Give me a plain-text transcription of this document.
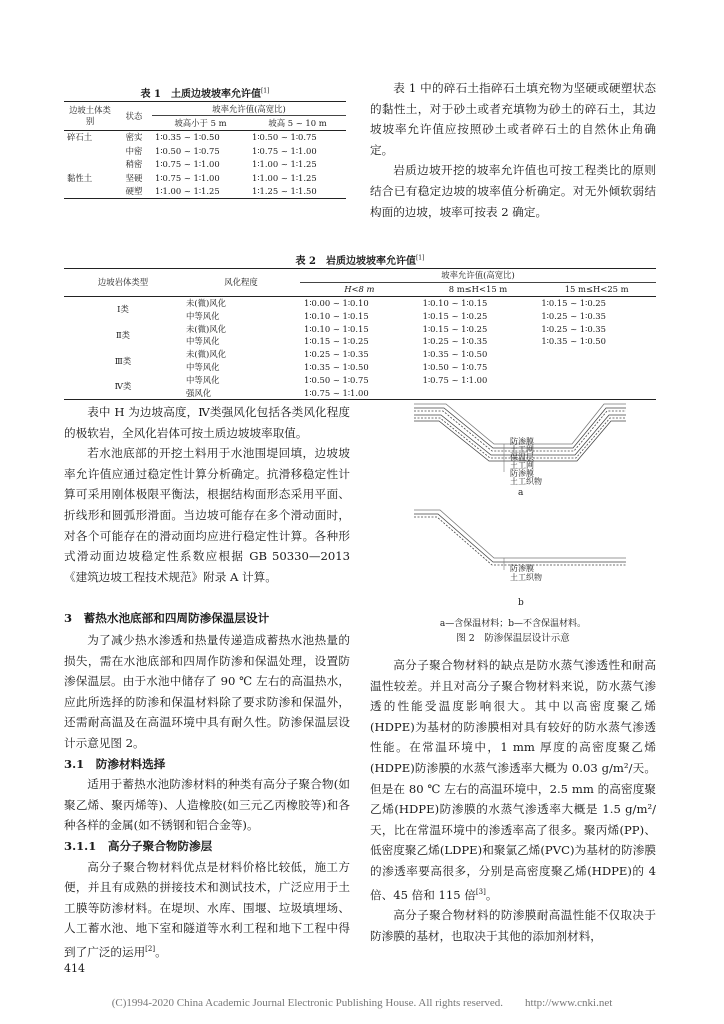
表 1　土质边坡坡率允许值[1]
边坡土体类别	状态	坡率允许值(高宽比)	
		坡高小于 5 m	坡高 5 ~ 10 m
碎石土	密实	1∶0.35 ~ 1∶0.50	1∶0.50 ~ 1∶0.75
	中密	1∶0.50 ~ 1∶0.75	1∶0.75 ~ 1∶1.00
	稍密	1∶0.75 ~ 1∶1.00	1∶1.00 ~ 1∶1.25
黏性土	坚硬	1∶0.75 ~ 1∶1.00	1∶1.00 ~ 1∶1.25
	硬塑	1∶1.00 ~ 1∶1.25	1∶1.25 ~ 1∶1.50

表 1 中的碎石土指碎石土填充物为坚硬或硬塑状态的黏性土，对于砂土或者充填物为砂土的碎石土，其边坡坡率允许值应按照砂土或者碎石土的自然休止角确定。

岩质边坡开挖的坡率允许值也可按工程类比的原则结合已有稳定边坡的坡率值分析确定。对无外倾软弱结构面的边坡，坡率可按表 2 确定。

表 2　岩质边坡坡率允许值[1]
边坡岩体类型	风化程度	坡率允许值(高宽比)		
		H<8 m	8 m≤H<15 m	15 m≤H<25 m
Ⅰ类	未(微)风化	1∶0.00 ~ 1∶0.10	1∶0.10 ~ 1∶0.15	1∶0.15 ~ 1∶0.25
	中等风化	1∶0.10 ~ 1∶0.15	1∶0.15 ~ 1∶0.25	1∶0.25 ~ 1∶0.35
Ⅱ类	未(微)风化	1∶0.10 ~ 1∶0.15	1∶0.15 ~ 1∶0.25	1∶0.25 ~ 1∶0.35
	中等风化	1∶0.15 ~ 1∶0.25	1∶0.25 ~ 1∶0.35	1∶0.35 ~ 1∶0.50
Ⅲ类	未(微)风化	1∶0.25 ~ 1∶0.35	1∶0.35 ~ 1∶0.50	
	中等风化	1∶0.35 ~ 1∶0.50	1∶0.50 ~ 1∶0.75	
Ⅳ类	中等风化	1∶0.50 ~ 1∶0.75	1∶0.75 ~ 1∶1.00	
	强风化	1∶0.75 ~ 1∶1.00		

表中 H 为边坡高度，Ⅳ类强风化包括各类风化程度的极软岩，全风化岩体可按土质边坡坡率取值。

若水池底部的开挖土料用于水池围堤回填，边坡坡率允许值应通过稳定性计算分析确定。抗滑移稳定性计算可采用刚体极限平衡法，根据结构面形态采用平面、折线形和圆弧形滑面。当边坡可能存在多个滑动面时，对各个可能存在的滑动面均应进行稳定性计算。各种形式滑动面边坡稳定性系数应根据 GB 50330—2013《建筑边坡工程技术规范》附录 A 计算。

3　蓄热水池底部和四周防渗保温层设计

为了减少热水渗透和热量传递造成蓄热水池热量的损失，需在水池底部和四周作防渗和保温处理，设置防渗保温层。由于水池中储存了 90 ℃ 左右的高温热水，应此所选择的防渗和保温材料除了要求防渗和保温外，还需耐高温及在高温环境中具有耐久性。防渗保温层设计示意见图 2。

3.1　防渗材料选择

适用于蓄热水池防渗材料的种类有高分子聚合物(如聚乙烯、聚丙烯等)、人造橡胶(如三元乙丙橡胶等)和各种各样的金属(如不锈钢和铝合金等)。

3.1.1　高分子聚合物防渗层

高分子聚合物材料优点是材料价格比较低，施工方便，并且有成熟的拼接技术和测试技术，广泛应用于土工膜等防渗材料。在堤坝、水库、围堰、垃圾填埋场、人工蓄水池、地下室和隧道等水利工程和地下工程中得到了广泛的运用[2]。

防渗膜
土工网
保温层
土工网
防渗膜
土工织物
a
防渗膜
土工织物
b
a—含保温材料；b—不含保温材料。
图 2　防渗保温层设计示意

高分子聚合物材料的缺点是防水蒸气渗透性和耐高温性较差。并且对高分子聚合物材料来说，防水蒸气渗透的性能受温度影响很大。其中以高密度聚乙烯(HDPE)为基材的防渗膜相对具有较好的防水蒸气渗透性能。在常温环境中，1 mm 厚度的高密度聚乙烯(HDPE)防渗膜的水蒸气渗透率大概为 0.03 g/m²/天。但是在 80 ℃ 左右的高温环境中，2.5 mm 的高密度聚乙烯(HDPE)防渗膜的水蒸气渗透率大概是 1.5 g/m²/天，比在常温环境中的渗透率高了很多。聚丙烯(PP)、低密度聚乙烯(LDPE)和聚氯乙烯(PVC)为基材的防渗膜的渗透率要高很多，分别是高密度聚乙烯(HDPE)的 4 倍、45 倍和 115 倍[3]。

高分子聚合物材料的防渗膜耐高温性能不仅取决于防渗膜的基材，也取决于其他的添加剂材料，

414
(C)1994-2020 China Academic Journal Electronic Publishing House. All rights reserved.　　http://www.cnki.net
